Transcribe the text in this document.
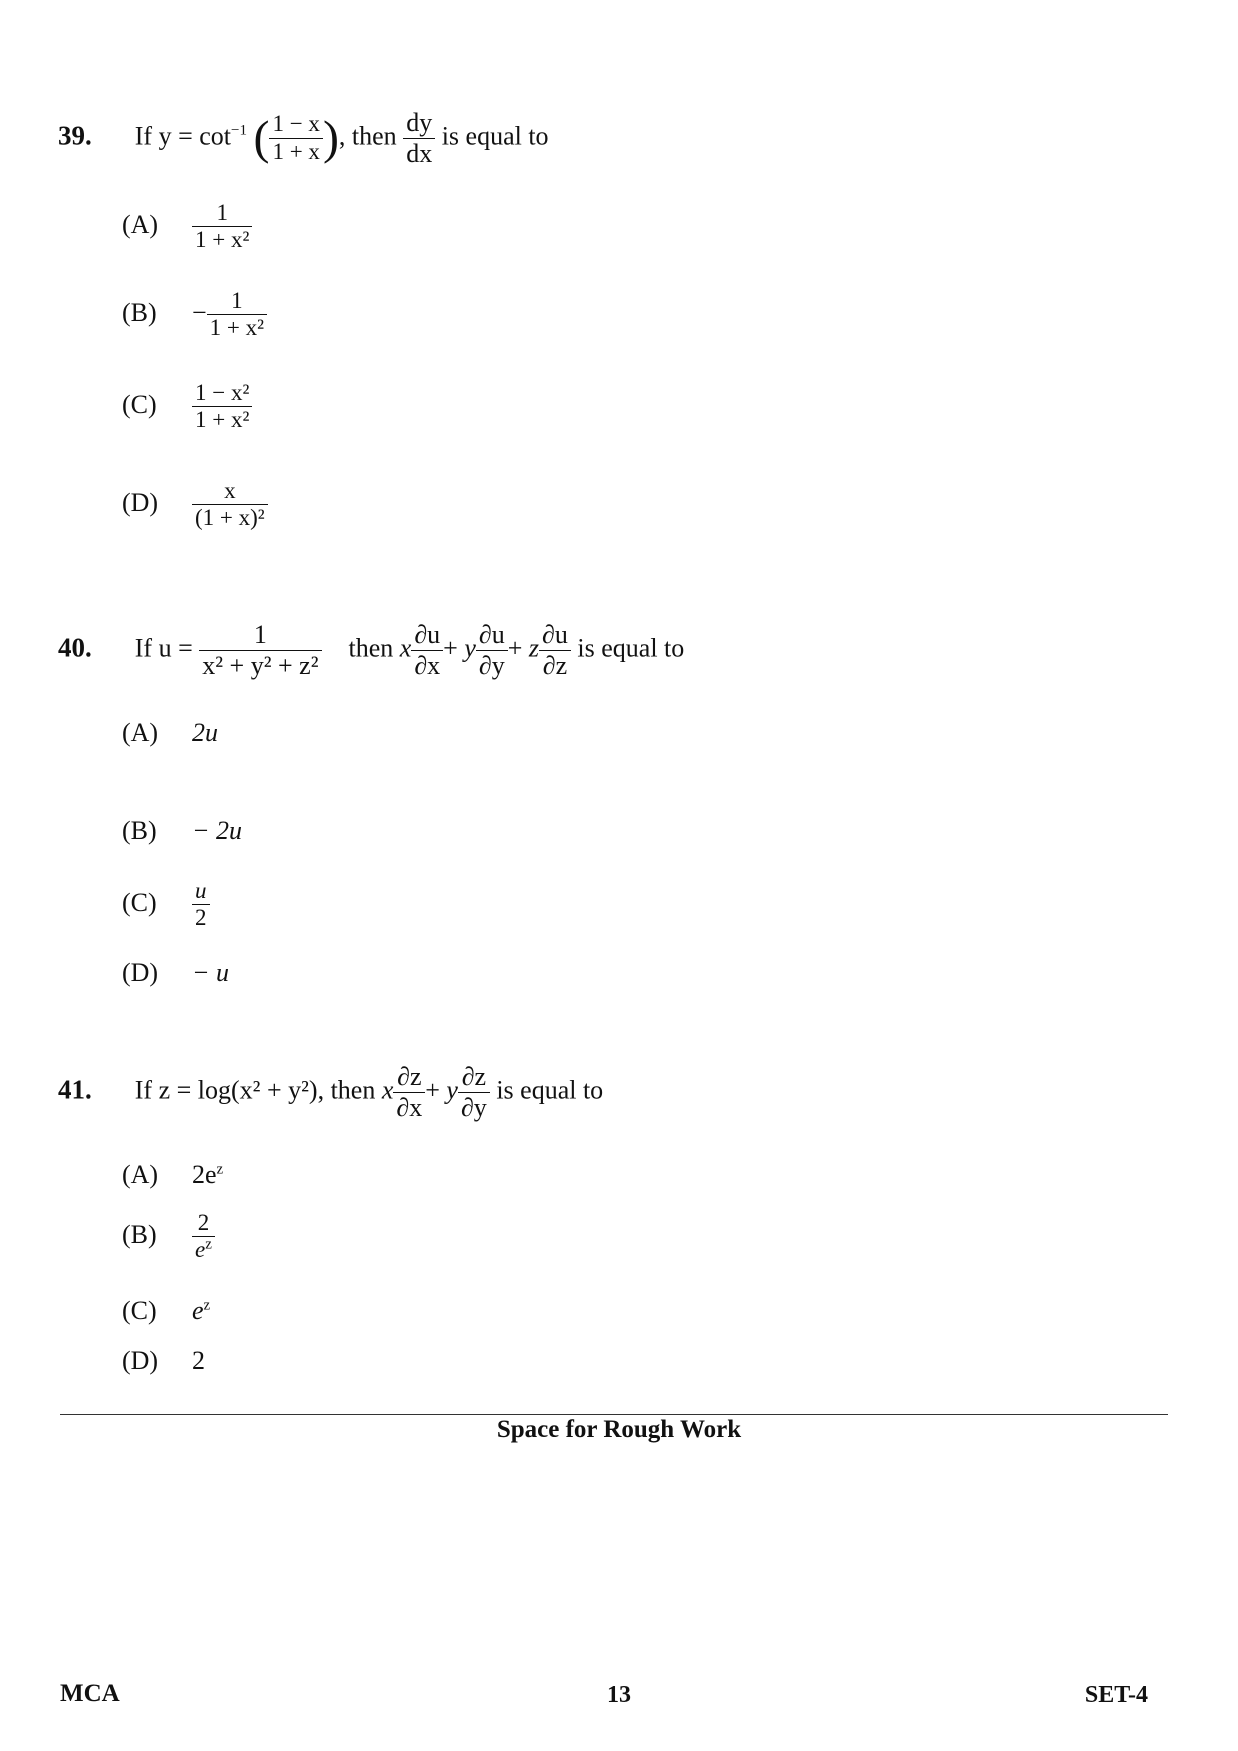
39. If $y = \cot^{-1}$ ( $\frac{1 - x}{1 + x}$ ), then $\frac{dy}{dx}$ is equal to
$(A) \frac{1}{\text{1 + x²}}$
$(B) - \frac{1}{\text{1 + x²}}$
$(C) \frac{\text{1 − x²}}{\text{1 + x²}}$
$(D) \frac{x}{\text{(1 + x)²}}$
40. If $u = \frac{1}{\text{x² + y² + z²}}$ then x $\frac{\partial u}{\partial x} + y \frac{\partial u}{\partial y} + z \frac{\partial u}{\partial z}$ is equal to
(A) 2u
(B) − 2u
$(C) \frac{u}{2}$
(D) − u
41. If z = log(x² + y²), then x $\frac{\partial z}{\partial x} + y \frac{\partial z}{\partial y}$ is equal to
(A) $2e^z$
$(B) \frac{2}{e^z}$
(C) $e^z$
(D) 2
Space for Rough Work
MCA	13	SET-4
